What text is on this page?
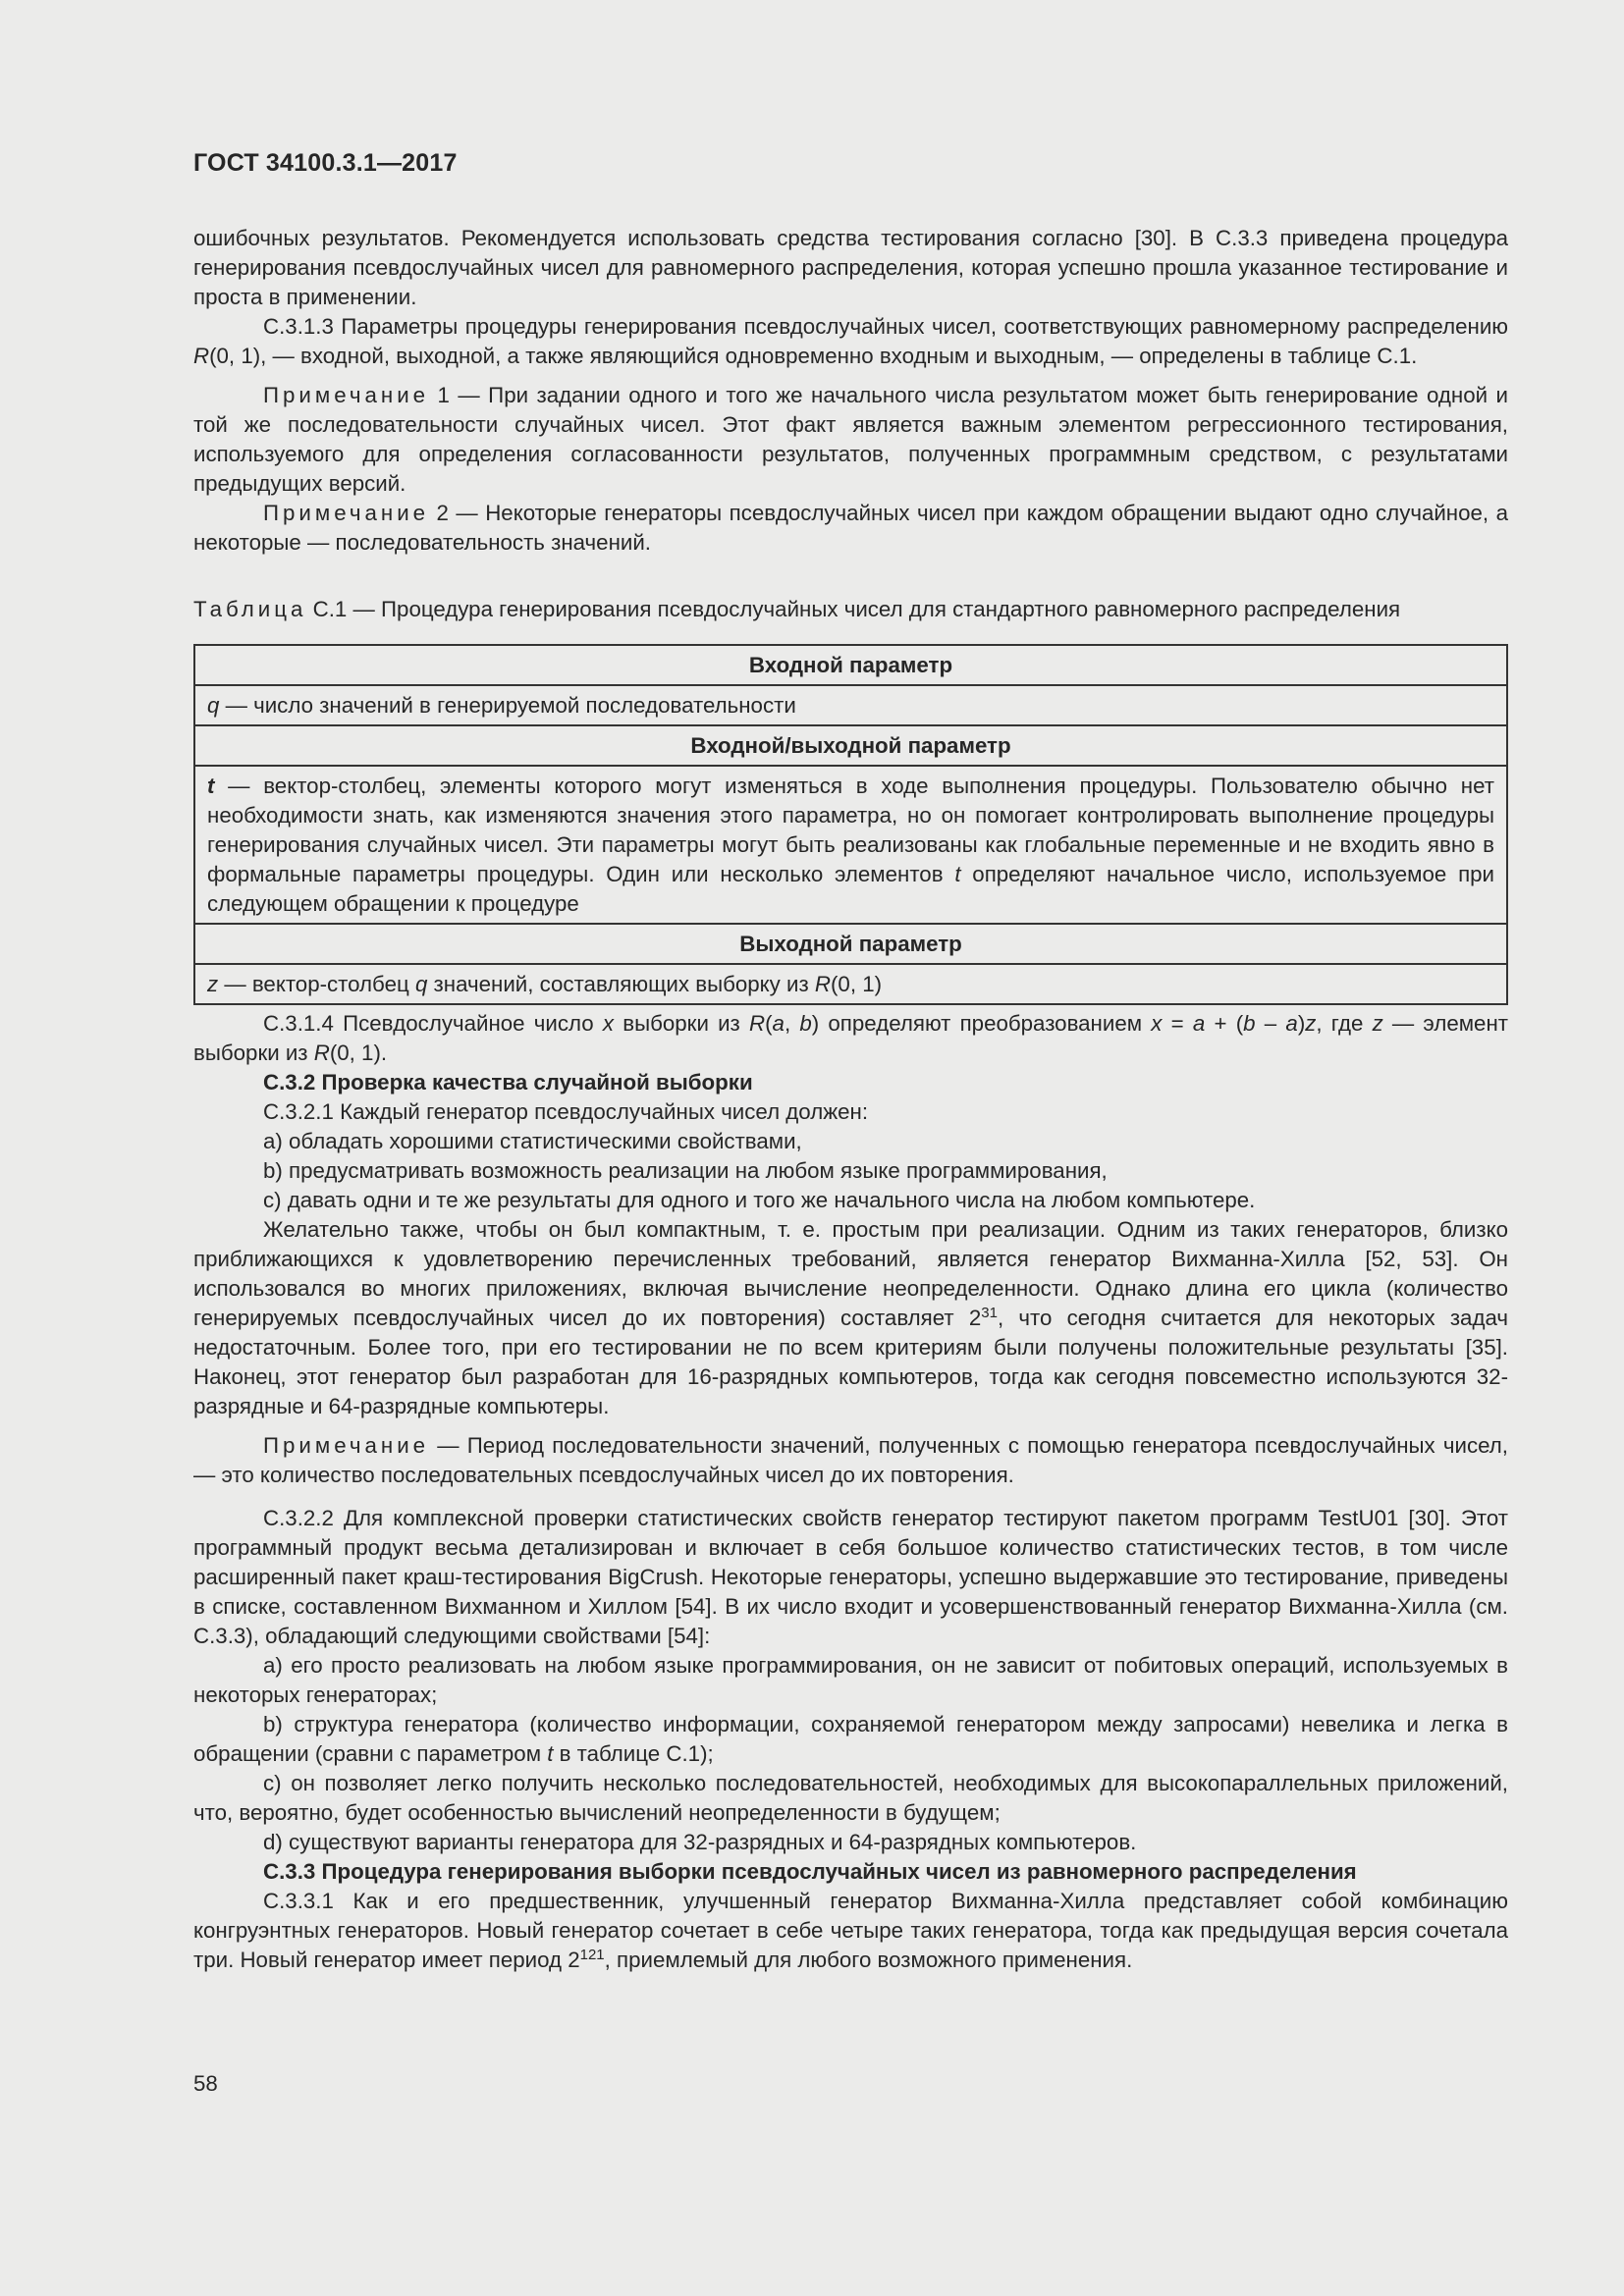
ГОСТ 34100.3.1—2017

ошибочных результатов. Рекомендуется использовать средства тестирования согласно [30]. В С.3.3 приведена процедура генерирования псевдослучайных чисел для равномерного распределения, которая успешно прошла указанное тестирование и проста в применении.

С.3.1.3 Параметры процедуры генерирования псевдослучайных чисел, соответствующих равномерному распределению R(0, 1), — входной, выходной, а также являющийся одновременно входным и выходным, — определены в таблице С.1.

Примечание 1 — При задании одного и того же начального числа результатом может быть генерирование одной и той же последовательности случайных чисел. Этот факт является важным элементом регрессионного тестирования, используемого для определения согласованности результатов, полученных программным средством, с результатами предыдущих версий.

Примечание 2 — Некоторые генераторы псевдослучайных чисел при каждом обращении выдают одно случайное, а некоторые — последовательность значений.

Таблица С.1 — Процедура генерирования псевдослучайных чисел для стандартного равномерного распределения

Входной параметр
q — число значений в генерируемой последовательности
Входной/выходной параметр
t — вектор-столбец, элементы которого могут изменяться в ходе выполнения процедуры. Пользователю обычно нет необходимости знать, как изменяются значения этого параметра, но он помогает контролировать выполнение процедуры генерирования случайных чисел. Эти параметры могут быть реализованы как глобальные переменные и не входить явно в формальные параметры процедуры. Один или несколько элементов t определяют начальное число, используемое при следующем обращении к процедуре
Выходной параметр
z — вектор-столбец q значений, составляющих выборку из R(0, 1)

С.3.1.4 Псевдослучайное число x выборки из R(a, b) определяют преобразованием x = a + (b – a)z, где z — элемент выборки из R(0, 1).

С.3.2 Проверка качества случайной выборки

С.3.2.1 Каждый генератор псевдослучайных чисел должен:

a) обладать хорошими статистическими свойствами,

b) предусматривать возможность реализации на любом языке программирования,

c) давать одни и те же результаты для одного и того же начального числа на любом компьютере.

Желательно также, чтобы он был компактным, т. е. простым при реализации. Одним из таких генераторов, близко приближающихся к удовлетворению перечисленных требований, является генератор Вихманна-Хилла [52, 53]. Он использовался во многих приложениях, включая вычисление неопределенности. Однако длина его цикла (количество генерируемых псевдослучайных чисел до их повторения) составляет $2^{31}$, что сегодня считается для некоторых задач недостаточным. Более того, при его тестировании не по всем критериям были получены положительные результаты [35]. Наконец, этот генератор был разработан для 16-разрядных компьютеров, тогда как сегодня повсеместно используются 32-разрядные и 64-разрядные компьютеры.

Примечание — Период последовательности значений, полученных с помощью генератора псевдослучайных чисел, — это количество последовательных псевдослучайных чисел до их повторения.

С.3.2.2 Для комплексной проверки статистических свойств генератор тестируют пакетом программ TestU01 [30]. Этот программный продукт весьма детализирован и включает в себя большое количество статистических тестов, в том числе расширенный пакет краш-тестирования BigCrush. Некоторые генераторы, успешно выдержавшие это тестирование, приведены в списке, составленном Вихманном и Хиллом [54]. В их число входит и усовершенствованный генератор Вихманна-Хилла (см. С.3.3), обладающий следующими свойствами [54]:

а) его просто реализовать на любом языке программирования, он не зависит от побитовых операций, используемых в некоторых генераторах;

b) структура генератора (количество информации, сохраняемой генератором между запросами) невелика и легка в обращении (сравни с параметром t в таблице С.1);

c) он позволяет легко получить несколько последовательностей, необходимых для высокопараллельных приложений, что, вероятно, будет особенностью вычислений неопределенности в будущем;

d) существуют варианты генератора для 32-разрядных и 64-разрядных компьютеров.

С.3.3 Процедура генерирования выборки псевдослучайных чисел из равномерного распределения

С.3.3.1 Как и его предшественник, улучшенный генератор Вихманна-Хилла представляет собой комбинацию конгруэнтных генераторов. Новый генератор сочетает в себе четыре таких генератора, тогда как предыдущая версия сочетала три. Новый генератор имеет период $2^{121}$, приемлемый для любого возможного применения.

58
